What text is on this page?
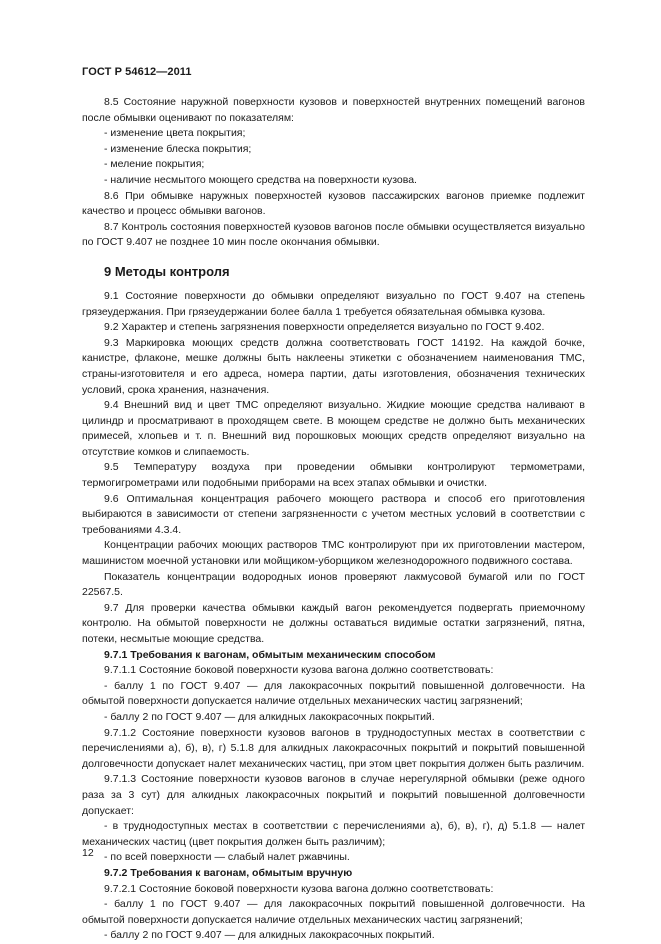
ГОСТ Р 54612—2011

8.5 Состояние наружной поверхности кузовов и поверхностей внутренних помещений вагонов после обмывки оценивают по показателям:

- изменение цвета покрытия;

- изменение блеска покрытия;

- меление покрытия;

- наличие несмытого моющего средства на поверхности кузова.

8.6 При обмывке наружных поверхностей кузовов пассажирских вагонов приемке подлежит качество и процесс обмывки вагонов.

8.7 Контроль состояния поверхностей кузовов вагонов после обмывки осуществляется визуально по ГОСТ 9.407 не позднее 10 мин после окончания обмывки.

9 Методы контроля

9.1 Состояние поверхности до обмывки определяют визуально по ГОСТ 9.407 на степень грязеудержания. При грязеудержании более балла 1 требуется обязательная обмывка кузова.

9.2 Характер и степень загрязнения поверхности определяется визуально по ГОСТ 9.402.

9.3 Маркировка моющих средств должна соответствовать ГОСТ 14192. На каждой бочке, канистре, флаконе, мешке должны быть наклеены этикетки с обозначением наименования ТМС, страны-изготовителя и его адреса, номера партии, даты изготовления, обозначения технических условий, срока хранения, назначения.

9.4 Внешний вид и цвет ТМС определяют визуально. Жидкие моющие средства наливают в цилиндр и просматривают в проходящем свете. В моющем средстве не должно быть механических примесей, хлопьев и т. п. Внешний вид порошковых моющих средств определяют визуально на отсутствие комков и слипаемость.

9.5 Температуру воздуха при проведении обмывки контролируют термометрами, термогигрометрами или подобными приборами на всех этапах обмывки и очистки.

9.6 Оптимальная концентрация рабочего моющего раствора и способ его приготовления выбираются в зависимости от степени загрязненности с учетом местных условий в соответствии с требованиями 4.3.4.

Концентрации рабочих моющих растворов ТМС контролируют при их приготовлении мастером, машинистом моечной установки или мойщиком-уборщиком железнодорожного подвижного состава.

Показатель концентрации водородных ионов проверяют лакмусовой бумагой или по ГОСТ 22567.5.

9.7 Для проверки качества обмывки каждый вагон рекомендуется подвергать приемочному контролю. На обмытой поверхности не должны оставаться видимые остатки загрязнений, пятна, потеки, несмытые моющие средства.

9.7.1 Требования к вагонам, обмытым механическим способом

9.7.1.1 Состояние боковой поверхности кузова вагона должно соответствовать:

- баллу 1 по ГОСТ 9.407 — для лакокрасочных покрытий повышенной долговечности. На обмытой поверхности допускается наличие отдельных механических частиц загрязнений;

- баллу 2 по ГОСТ 9.407 — для алкидных лакокрасочных покрытий.

9.7.1.2 Состояние поверхности кузовов вагонов в труднодоступных местах в соответствии с перечислениями а), б), в), г) 5.1.8 для алкидных лакокрасочных покрытий и покрытий повышенной долговечности допускает налет механических частиц, при этом цвет покрытия должен быть различим.

9.7.1.3 Состояние поверхности кузовов вагонов в случае нерегулярной обмывки (реже одного раза за 3 сут) для алкидных лакокрасочных покрытий и покрытий повышенной долговечности допускает:

- в труднодоступных местах в соответствии с перечислениями а), б), в), г), д) 5.1.8 — налет механических частиц (цвет покрытия должен быть различим);

- по всей поверхности — слабый налет ржавчины.

9.7.2 Требования к вагонам, обмытым вручную

9.7.2.1 Состояние боковой поверхности кузова вагона должно соответствовать:

- баллу 1 по ГОСТ 9.407 — для лакокрасочных покрытий повышенной долговечности. На обмытой поверхности допускается наличие отдельных механических частиц загрязнений;

- баллу 2 по ГОСТ 9.407 — для алкидных лакокрасочных покрытий.

12
